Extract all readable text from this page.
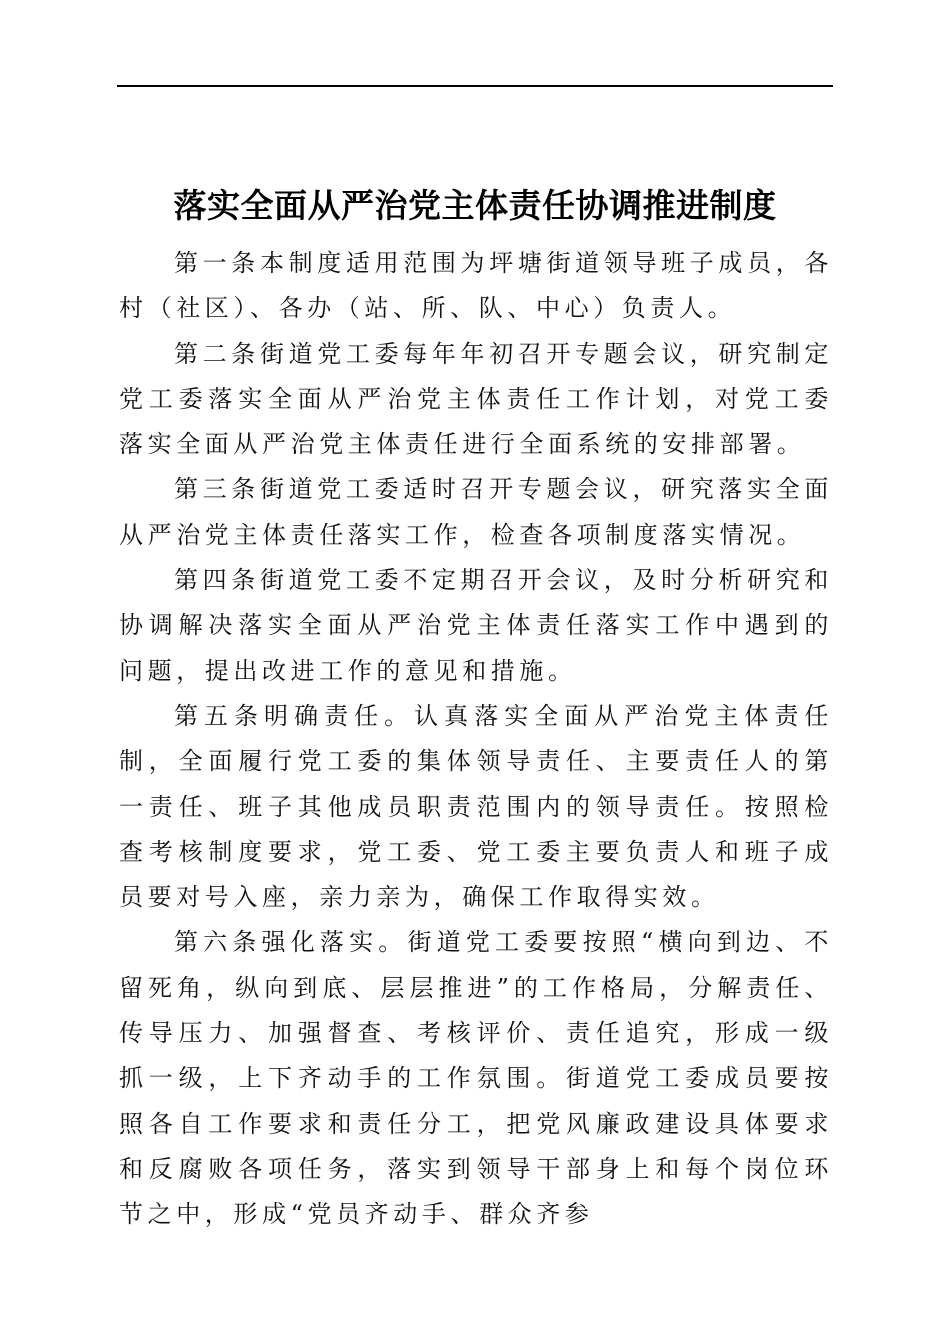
落实全面从严治党主体责任协调推进制度

第一条本制度适用范围为坪塘街道领导班子成员，各村（社区）、各办（站、所、队、中心）负责人。

第二条街道党工委每年年初召开专题会议，研究制定党工委落实全面从严治党主体责任工作计划，对党工委落实全面从严治党主体责任进行全面系统的安排部署。

第三条街道党工委适时召开专题会议，研究落实全面从严治党主体责任落实工作，检查各项制度落实情况。

第四条街道党工委不定期召开会议，及时分析研究和协调解决落实全面从严治党主体责任落实工作中遇到的问题，提出改进工作的意见和措施。

第五条明确责任。认真落实全面从严治党主体责任制，全面履行党工委的集体领导责任、主要责任人的第一责任、班子其他成员职责范围内的领导责任。按照检查考核制度要求，党工委、党工委主要负责人和班子成员要对号入座，亲力亲为，确保工作取得实效。

第六条强化落实。街道党工委要按照“横向到边、不留死角，纵向到底、层层推进”的工作格局，分解责任、传导压力、加强督查、考核评价、责任追究，形成一级抓一级，上下齐动手的工作氛围。街道党工委成员要按照各自工作要求和责任分工，把党风廉政建设具体要求和反腐败各项任务，落实到领导干部身上和每个岗位环节之中，形成“党员齐动手、群众齐参
